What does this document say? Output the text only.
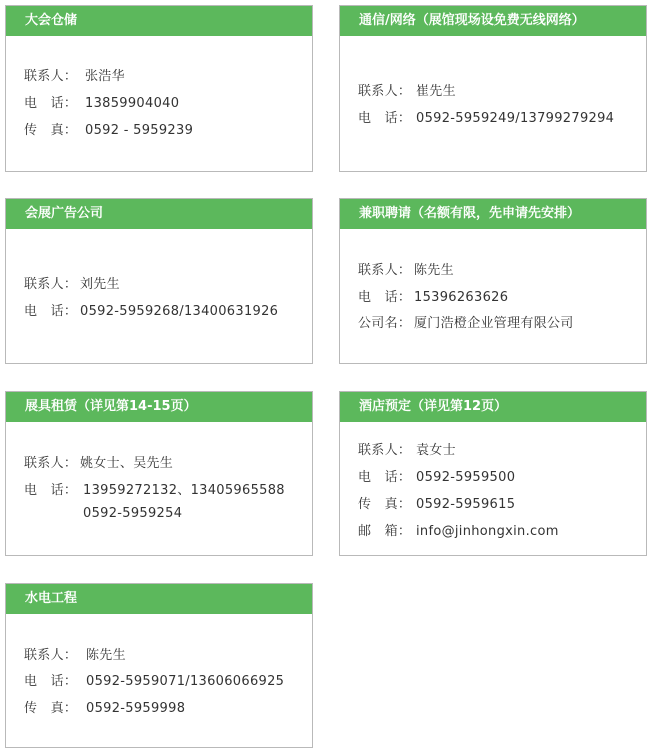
大会仓储
联系人： 张浩华
电　话： 13859904040
传　真： 0592 - 5959239
通信/网络（展馆现场设免费无线网络）
联系人： 崔先生
电　话： 0592-5959249/13799279294
会展广告公司
联系人： 刘先生
电　话： 0592-5959268/13400631926
兼职聘请（名额有限，先申请先安排）
联系人： 陈先生
电　话： 15396263626
公司名： 厦门浩橙企业管理有限公司
展具租赁（详见第14-15页）
联系人： 姚女士、吴先生
电　话： 13959272132、13405965588
0592-5959254
酒店预定（详见第12页）
联系人： 袁女士
电　话： 0592-5959500
传　真： 0592-5959615
邮　箱： info@jinhongxin.com
水电工程
联系人： 陈先生
电　话： 0592-5959071/13606066925
传　真： 0592-5959998
